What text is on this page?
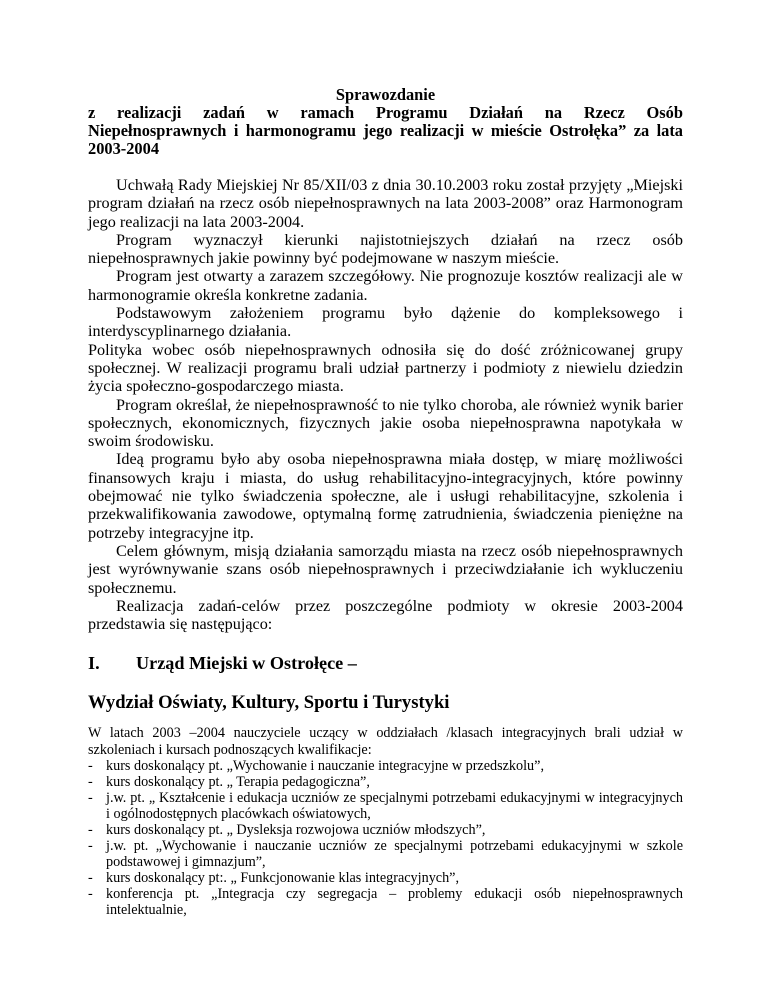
Sprawozdanie
z realizacji zadań w ramach Programu Działań na Rzecz Osób
Niepełnosprawnych i harmonogramu jego realizacji w mieście Ostrołęka” za lata
2003-2004

Uchwałą Rady Miejskiej Nr 85/XII/03 z dnia 30.10.2003 roku został przyjęty „Miejski program działań na rzecz osób niepełnosprawnych na lata 2003-2008” oraz Harmonogram jego realizacji na lata 2003-2004.

Program wyznaczył kierunki najistotniejszych działań na rzecz osób niepełnosprawnych jakie powinny być podejmowane w naszym mieście.

Program jest otwarty a zarazem szczegółowy. Nie prognozuje kosztów realizacji ale w harmonogramie określa konkretne zadania.

Podstawowym założeniem programu było dążenie do kompleksowego i interdyscyplinarnego działania.

Polityka wobec osób niepełnosprawnych odnosiła się do dość zróżnicowanej grupy społecznej. W realizacji programu brali udział partnerzy i podmioty z niewielu dziedzin życia społeczno-gospodarczego miasta.

Program określał, że niepełnosprawność to nie tylko choroba, ale również wynik barier społecznych, ekonomicznych, fizycznych jakie osoba niepełnosprawna napotykała w swoim środowisku.

Ideą programu było aby osoba niepełnosprawna miała dostęp, w miarę możliwości finansowych kraju i miasta, do usług rehabilitacyjno-integracyjnych, które powinny obejmować nie tylko świadczenia społeczne, ale i usługi rehabilitacyjne, szkolenia i przekwalifikowania zawodowe, optymalną formę zatrudnienia, świadczenia pieniężne na potrzeby integracyjne itp.

Celem głównym, misją działania samorządu miasta na rzecz osób niepełnosprawnych jest wyrównywanie szans osób niepełnosprawnych i przeciwdziałanie ich wykluczeniu społecznemu.

Realizacja zadań-celów przez poszczególne podmioty w okresie 2003-2004 przedstawia się następująco:

I.	Urząd Miejski w Ostrołęce –
Wydział Oświaty, Kultury, Sportu i Turystyki

W latach 2003 –2004 nauczyciele uczący w oddziałach /klasach integracyjnych brali udział w szkoleniach i kursach podnoszących kwalifikacje:

- kurs doskonalący pt. „Wychowanie i nauczanie integracyjne w przedszkolu”,
- kurs doskonalący pt. „ Terapia pedagogiczna”,
- j.w. pt. „ Kształcenie i edukacja uczniów ze specjalnymi potrzebami edukacyjnymi w integracyjnych i ogólnodostępnych placówkach oświatowych,
- kurs doskonalący pt. „ Dysleksja rozwojowa uczniów młodszych”,
- j.w. pt. „Wychowanie i nauczanie uczniów ze specjalnymi potrzebami edukacyjnymi w szkole podstawowej i gimnazjum”,
- kurs doskonalący pt:. „ Funkcjonowanie klas integracyjnych”,
- konferencja pt. „Integracja czy segregacja – problemy edukacji osób niepełnosprawnych intelektualnie,
